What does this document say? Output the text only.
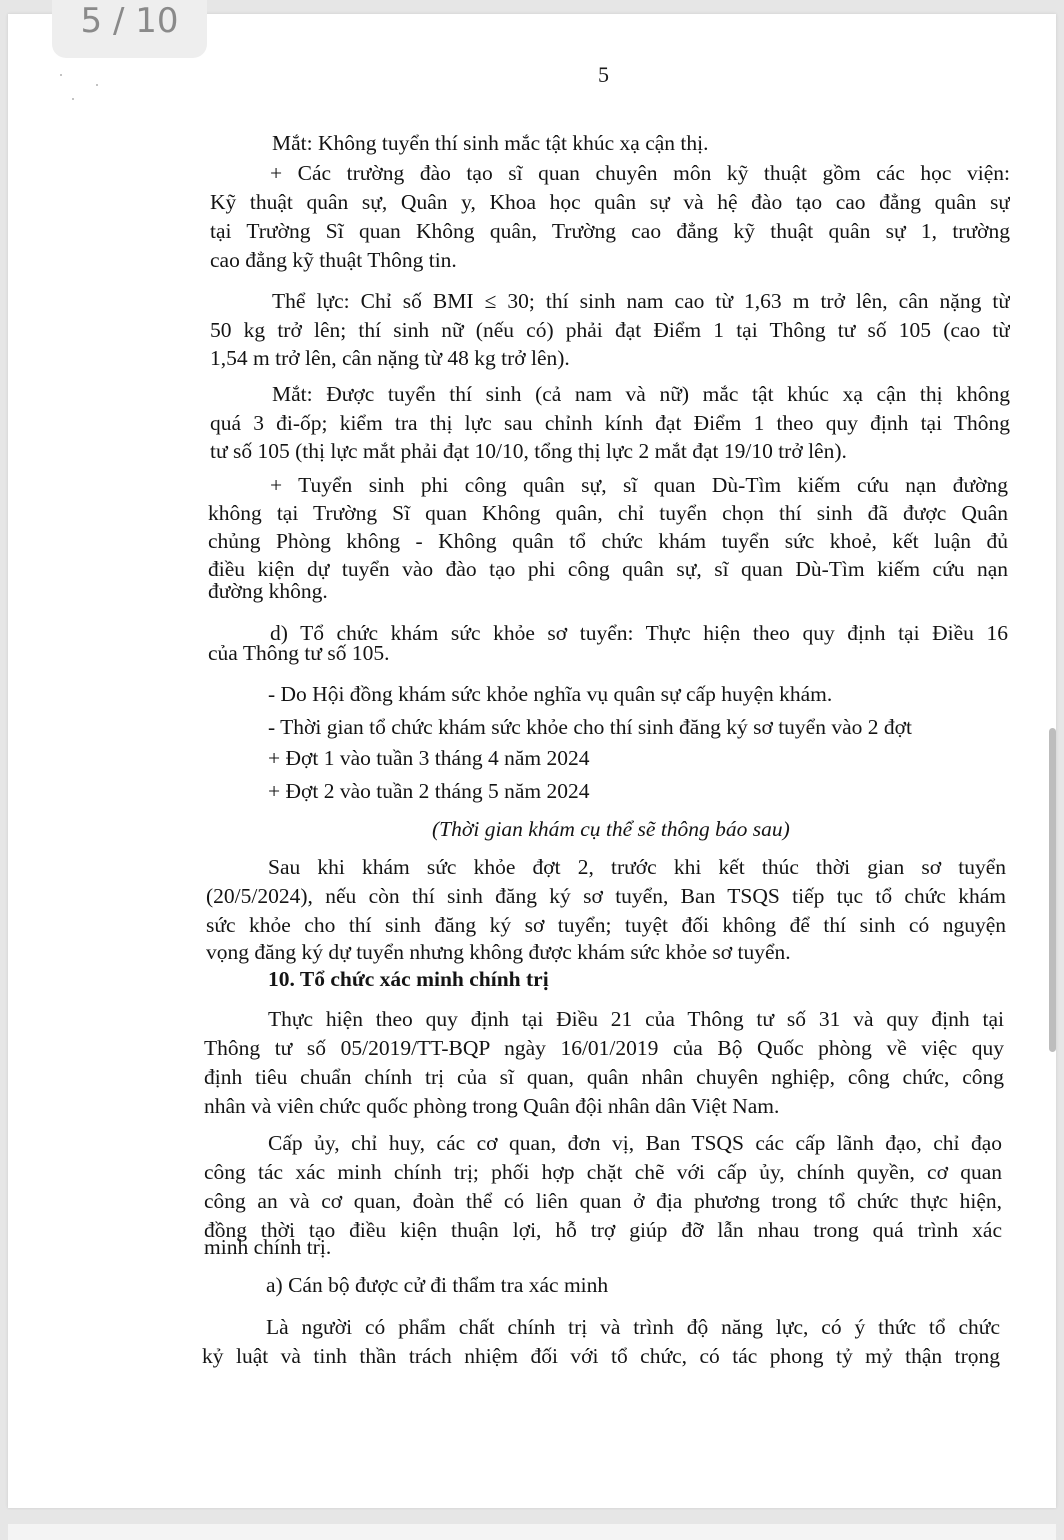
5 / 10
5
Mắt: Không tuyển thí sinh mắc tật khúc xạ cận thị.
+ Các trường đào tạo sĩ quan chuyên môn kỹ thuật gồm các học viện:
Kỹ thuật quân sự, Quân y, Khoa học quân sự và hệ đào tạo cao đẳng quân sự
tại Trường Sĩ quan Không quân, Trường cao đẳng kỹ thuật quân sự 1, trường
cao đẳng kỹ thuật Thông tin.
Thể lực: Chỉ số BMI ≤ 30; thí sinh nam cao từ 1,63 m trở lên, cân nặng từ
50 kg trở lên; thí sinh nữ (nếu có) phải đạt Điểm 1 tại Thông tư số 105 (cao từ
1,54 m trở lên, cân nặng từ 48 kg trở lên).
Mắt: Được tuyển thí sinh (cả nam và nữ) mắc tật khúc xạ cận thị không
quá 3 đi-ốp; kiểm tra thị lực sau chỉnh kính đạt Điểm 1 theo quy định tại Thông
tư số 105 (thị lực mắt phải đạt 10/10, tổng thị lực 2 mắt đạt 19/10 trở lên).
+ Tuyển sinh phi công quân sự, sĩ quan Dù-Tìm kiếm cứu nạn đường
không tại Trường Sĩ quan Không quân, chỉ tuyển chọn thí sinh đã được Quân
chủng Phòng không - Không quân tổ chức khám tuyển sức khoẻ, kết luận đủ
điều kiện dự tuyển vào đào tạo phi công quân sự, sĩ quan Dù-Tìm kiếm cứu nạn
đường không.
d) Tổ chức khám sức khỏe sơ tuyển: Thực hiện theo quy định tại Điều 16
của Thông tư số 105.
- Do Hội đồng khám sức khỏe nghĩa vụ quân sự cấp huyện khám.
- Thời gian tổ chức khám sức khỏe cho thí sinh đăng ký sơ tuyển vào 2 đợt
+ Đợt 1 vào tuần 3 tháng 4 năm 2024
+ Đợt 2 vào tuần 2 tháng 5 năm 2024
(Thời gian khám cụ thể sẽ thông báo sau)
Sau khi khám sức khỏe đợt 2, trước khi kết thúc thời gian sơ tuyển
(20/5/2024), nếu còn thí sinh đăng ký sơ tuyển, Ban TSQS tiếp tục tổ chức khám
sức khỏe cho thí sinh đăng ký sơ tuyển; tuyệt đối không để thí sinh có nguyện
vọng đăng ký dự tuyển nhưng không được khám sức khỏe sơ tuyển.
10. Tổ chức xác minh chính trị
Thực hiện theo quy định tại Điều 21 của Thông tư số 31 và quy định tại
Thông tư số 05/2019/TT-BQP ngày 16/01/2019 của Bộ Quốc phòng về việc quy
định tiêu chuẩn chính trị của sĩ quan, quân nhân chuyên nghiệp, công chức, công
nhân và viên chức quốc phòng trong Quân đội nhân dân Việt Nam.
Cấp ủy, chỉ huy, các cơ quan, đơn vị, Ban TSQS các cấp lãnh đạo, chỉ đạo
công tác xác minh chính trị; phối hợp chặt chẽ với cấp ủy, chính quyền, cơ quan
công an và cơ quan, đoàn thể có liên quan ở địa phương trong tổ chức thực hiện,
đồng thời tạo điều kiện thuận lợi, hỗ trợ giúp đỡ lẫn nhau trong quá trình xác
minh chính trị.
a) Cán bộ được cử đi thẩm tra xác minh
Là người có phẩm chất chính trị và trình độ năng lực, có ý thức tổ chức
kỷ luật và tinh thần trách nhiệm đối với tổ chức, có tác phong tỷ mỷ thận trọng
